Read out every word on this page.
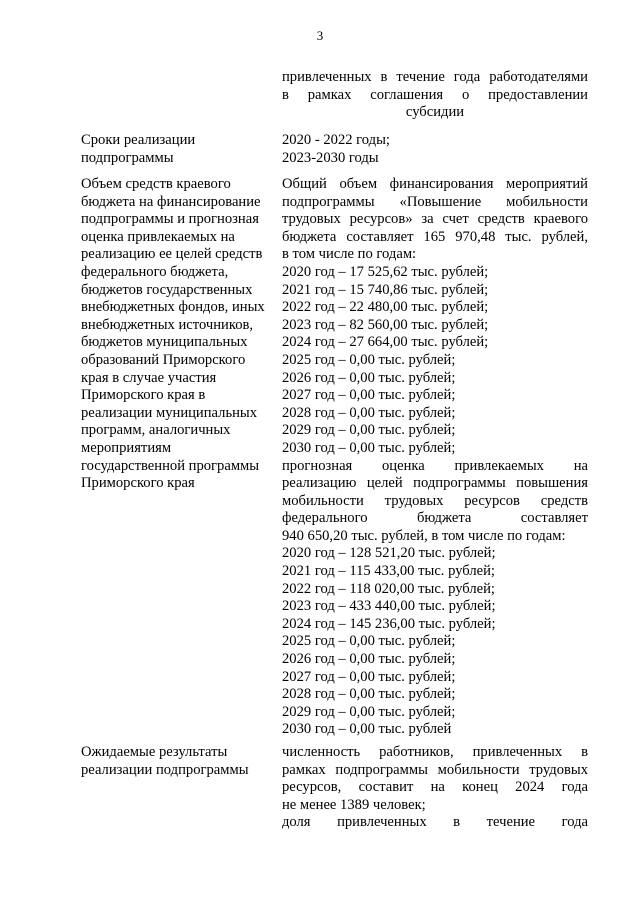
3
привлеченных в течение года работодателями
в рамках соглашения о предоставлении
субсидии
Сроки реализации
подпрограммы
2020 - 2022 годы;
2023-2030 годы
Объем средств краевого
бюджета на финансирование
подпрограммы и прогнозная
оценка привлекаемых на
реализацию ее целей средств
федерального бюджета,
бюджетов государственных
внебюджетных фондов, иных
внебюджетных источников,
бюджетов муниципальных
образований Приморского
края в случае участия
Приморского края в
реализации муниципальных
программ, аналогичных
мероприятиям
государственной программы
Приморского края
Общий объем финансирования мероприятий
подпрограммы «Повышение мобильности
трудовых ресурсов» за счет средств краевого
бюджета составляет 165 970,48 тыс. рублей,
в том числе по годам:
2020 год – 17 525,62 тыс. рублей;
2021 год – 15 740,86 тыс. рублей;
2022 год – 22 480,00 тыс. рублей;
2023 год – 82 560,00 тыс. рублей;
2024 год – 27 664,00 тыс. рублей;
2025 год – 0,00 тыс. рублей;
2026 год – 0,00 тыс. рублей;
2027 год – 0,00 тыс. рублей;
2028 год – 0,00 тыс. рублей;
2029 год – 0,00 тыс. рублей;
2030 год – 0,00 тыс. рублей;
прогнозная оценка привлекаемых на
реализацию целей подпрограммы повышения
мобильности трудовых ресурсов средств
федерального бюджета составляет
940 650,20 тыс. рублей, в том числе по годам:
2020 год – 128 521,20 тыс. рублей;
2021 год – 115 433,00 тыс. рублей;
2022 год – 118 020,00 тыс. рублей;
2023 год – 433 440,00 тыс. рублей;
2024 год – 145 236,00 тыс. рублей;
2025 год – 0,00 тыс. рублей;
2026 год – 0,00 тыс. рублей;
2027 год – 0,00 тыс. рублей;
2028 год – 0,00 тыс. рублей;
2029 год – 0,00 тыс. рублей;
2030 год – 0,00 тыс. рублей
Ожидаемые результаты
реализации подпрограммы
численность работников, привлеченных в
рамках подпрограммы мобильности трудовых
ресурсов, составит на конец 2024 года
не менее 1389 человек;
доля привлеченных в течение года
